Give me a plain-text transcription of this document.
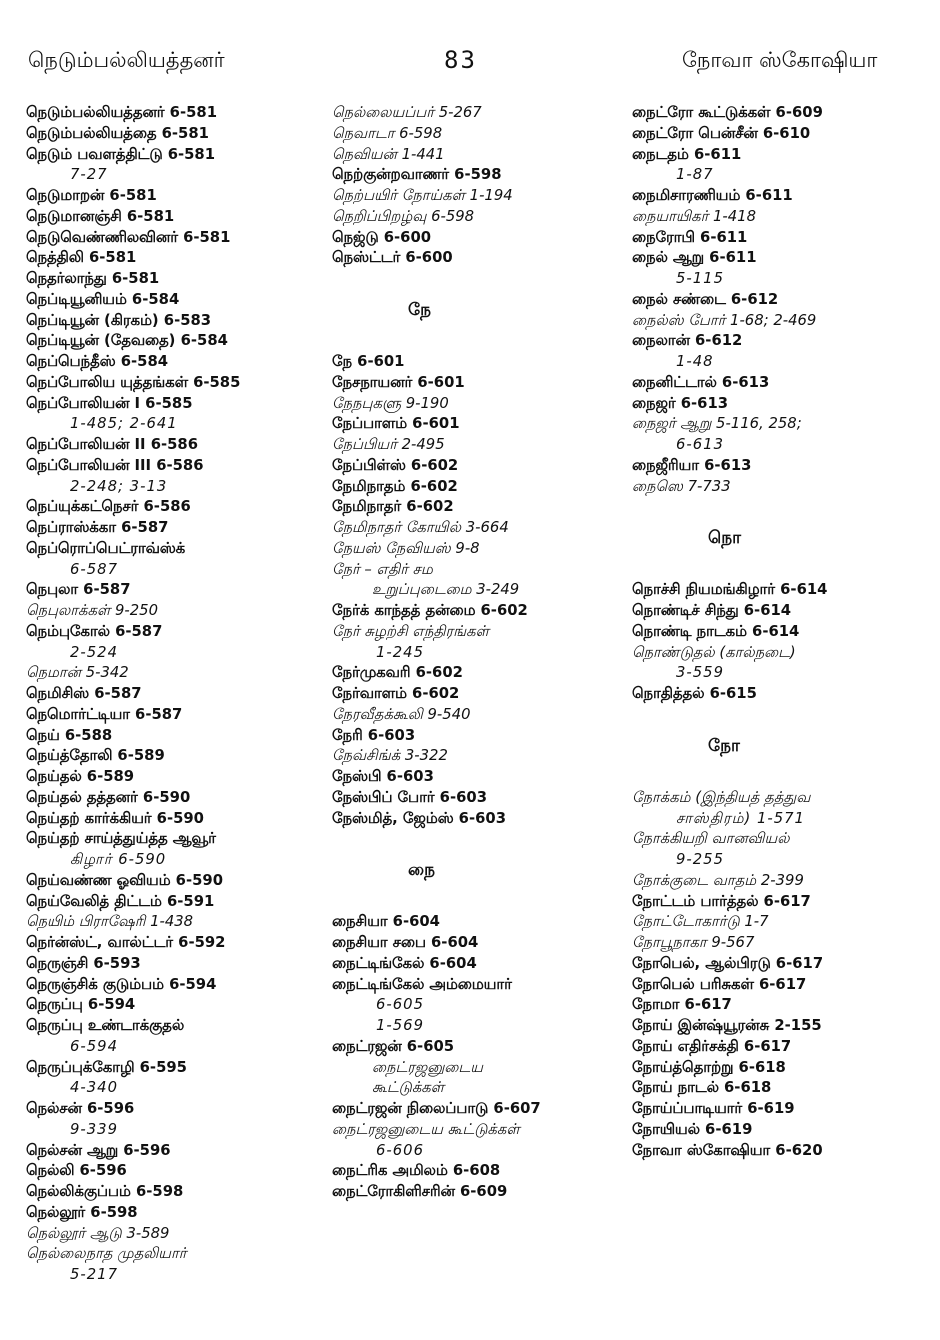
நெடும்பல்லியத்தனர்	83	நோவா ஸ்கோஷியா
நெடும்பல்லியத்தனர் 6-581
நெடும்பல்லியத்தை 6-581
நெடும் பவளத்திட்டு 6-581
7-27
நெடுமாறன் 6-581
நெடுமானஞ்சி 6-581
நெடுவெண்ணிலவினர் 6-581
நெத்திலி 6-581
நெதர்லாந்து 6-581
நெப்டியூனியம் 6-584
நெப்டியூன் (கிரகம்) 6-583
நெப்டியூன் (தேவதை) 6-584
நெப்பெந்தீஸ் 6-584
நெப்போலிய யுத்தங்கள் 6-585
நெப்போலியன் I 6-585
1-485; 2-641
நெப்போலியன் II 6-586
நெப்போலியன் III 6-586
2-248; 3-13
நெப்யுக்கட்நெசர் 6-586
நெப்ராஸ்க்கா 6-587
நெப்ரொப்பெட்ராவ்ஸ்க்
6-587
நெபுலா 6-587
நெபுலாக்கள் 9-250
நெம்புகோல் 6-587
2-524
நெமான் 5-342
நெமிசிஸ் 6-587
நெமொர்ட்டியா 6-587
நெய் 6-588
நெய்த்தோலி 6-589
நெய்தல் 6-589
நெய்தல் தத்தனர் 6-590
நெய்தற் கார்க்கியர் 6-590
நெய்தற் சாய்த்துய்த்த ஆவூர்
கிழார் 6-590
நெய்வண்ண ஓவியம் 6-590
நெய்வேலித் திட்டம் 6-591
நெயிம் பிராஷேரி 1-438
நெர்ன்ஸ்ட், வால்ட்டர் 6-592
நெருஞ்சி 6-593
நெருஞ்சிக் குடும்பம் 6-594
நெருப்பு 6-594
நெருப்பு உண்டாக்குதல்
6-594
நெருப்புக்கோழி 6-595
4-340
நெல்சன் 6-596
9-339
நெல்சன் ஆறு 6-596
நெல்லி 6-596
நெல்லிக்குப்பம் 6-598
நெல்லூர் 6-598
நெல்லூர் ஆடு 3-589
நெல்லைநாத முதலியார்
5-217
நெல்லையப்பர் 5-267
நெவாடா 6-598
நெவியன் 1-441
நெற்குன்றவாணர் 6-598
நெற்பயிர் நோய்கள் 1-194
நெறிப்பிறழ்வு 6-598
நெஜ்டு 6-600
நெஸ்ட்டர் 6-600
நே
நே 6-601
நேசநாயனர் 6-601
நேநபுகளு 9-190
நேப்பாளம் 6-601
நேப்பியர் 2-495
நேப்பிள்ஸ் 6-602
நேமிநாதம் 6-602
நேமிநாதர் 6-602
நேமிநாதர் கோயில் 3-664
நேயஸ் நேவியஸ் 9-8
நேர் – எதிர் சம
உறுப்புடைமை 3-249
நேர்க் காந்தத் தன்மை 6-602
நேர் சுழற்சி எந்திரங்கள்
1-245
நேர்முகவரி 6-602
நேர்வாளம் 6-602
நேரவீதக்கூலி 9-540
நேரி 6-603
நேவ்சிங்க் 3-322
நேஸ்பி 6-603
நேஸ்பிப் போர் 6-603
நேஸ்மித், ஜேம்ஸ் 6-603
நை
நைசியா 6-604
நைசியா சபை 6-604
நைட்டிங்கேல் 6-604
நைட்டிங்கேல் அம்மையார்
6-605
1-569
நைட்ரஜன் 6-605
நைட்ரஜனுடைய
கூட்டுக்கள்
நைட்ரஜன் நிலைப்பாடு 6-607
நைட்ரஜனுடைய கூட்டுக்கள்
6-606
நைட்ரிக அமிலம் 6-608
நைட்ரோகிளிசரின் 6-609
நைட்ரோ கூட்டுக்கள் 6-609
நைட்ரோ பென்சீன் 6-610
நைடதம் 6-611
1-87
நைமிசாரணியம் 6-611
நையாயிகர் 1-418
நைரோபி 6-611
நைல் ஆறு 6-611
5-115
நைல் சண்டை 6-612
நைல்ஸ் போர் 1-68; 2-469
நைலான் 6-612
1-48
நைனிட்டால் 6-613
நைஜர் 6-613
நைஜர் ஆறு 5-116, 258;
6-613
நைஜீரியா 6-613
நைஸெ 7-733
நொ
நொச்சி நியமங்கிழார் 6-614
நொண்டிச் சிந்து 6-614
நொண்டி நாடகம் 6-614
நொண்டுதல் (கால்நடை)
3-559
நொதித்தல் 6-615
நோ
நோக்கம் (இந்தியத் தத்துவ
சாஸ்திரம்) 1-571
நோக்கியறி வானவியல்
9-255
நோக்குடை வாதம் 2-399
நோட்டம் பார்த்தல் 6-617
நோட்டோகார்டு 1-7
நோபூநாகா 9-567
நோபெல், ஆல்பிரடு 6-617
நோபெல் பரிசுகள் 6-617
நோமா 6-617
நோய் இன்ஷ்யூரன்சு 2-155
நோய் எதிர்சக்தி 6-617
நோய்த்தொற்று 6-618
நோய் நாடல் 6-618
நோய்ப்பாடியார் 6-619
நோயியல் 6-619
நோவா ஸ்கோஷியா 6-620
